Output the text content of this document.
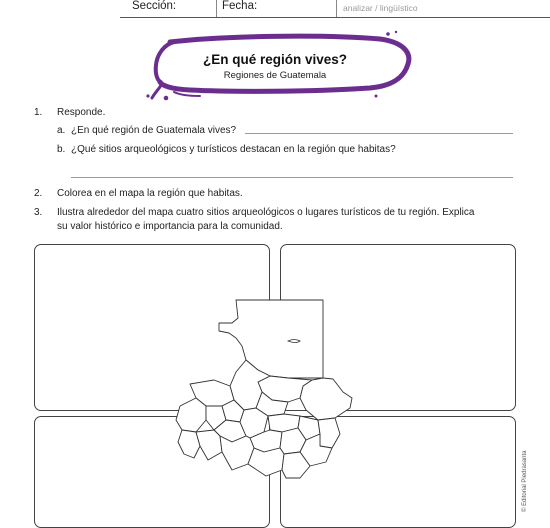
Sección:	Fecha:	analizar / lingüístico
¿En qué región vives?
Regiones de Guatemala
1. Responde.
a. ¿En qué región de Guatemala vives?
b. ¿Qué sitios arqueológicos y turísticos destacan en la región que habitas?
2. Colorea en el mapa la región que habitas.
3. Ilustra alrededor del mapa cuatro sitios arqueológicos o lugares turísticos de tu región. Explica
su valor histórico e importancia para la comunidad.
© Editorial Piedrasanta
